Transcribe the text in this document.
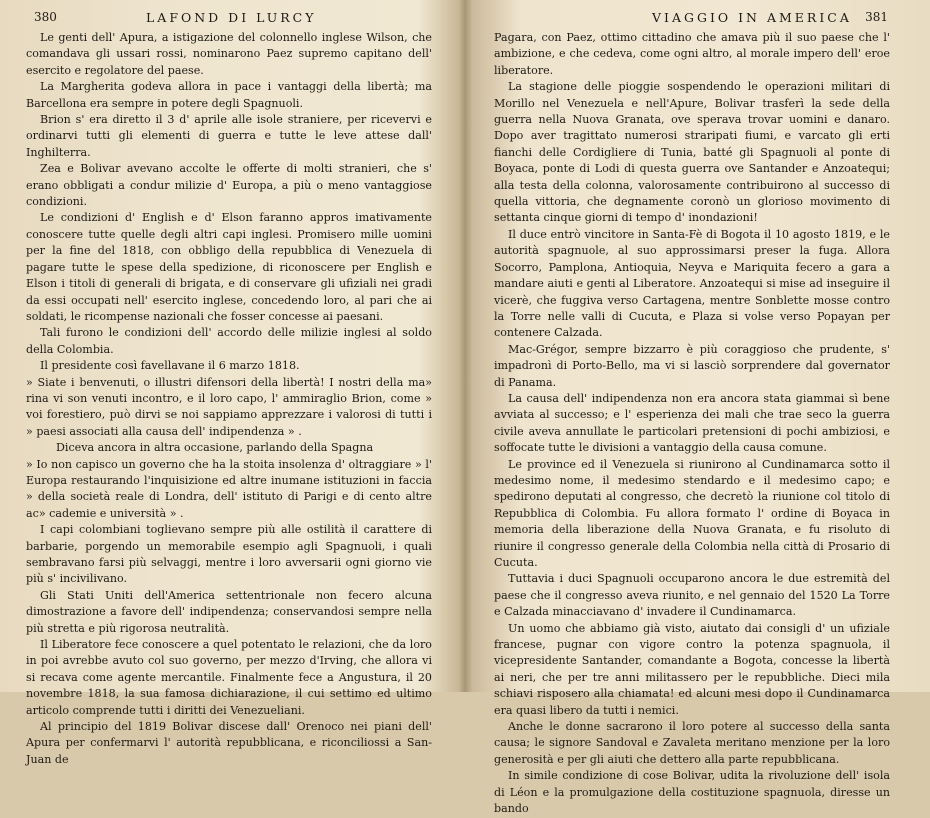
380	LAFOND DI LURCY

Le genti dell' Apura, a istigazione del colonnello inglese Wilson, che comandava gli ussari rossi, nominarono Paez supremo capitano dell' esercito e regolatore del paese.

La Margherita godeva allora in pace i vantaggi della libertà; ma Barcellona era sempre in potere degli Spagnuoli.

Brion s' era diretto il 3 d' aprile alle isole straniere, per ricevervi e ordinarvi tutti gli elementi di guerra e tutte le leve attese dall' Inghilterra.

Zea e Bolivar avevano accolte le offerte di molti stranieri, che s' erano obbligati a condur milizie d' Europa, a più o meno vantaggiose condizioni.

Le condizioni d' English e d' Elson faranno appros imativamente conoscere tutte quelle degli altri capi inglesi. Promisero mille uomini per la fine del 1818, con obbligo della repubblica di Venezuela di pagare tutte le spese della spedizione, di riconoscere per English e Elson i titoli di generali di brigata, e di conservare gli ufiziali nei gradi da essi occupati nell' esercito inglese, concedendo loro, al pari che ai soldati, le ricompense nazionali che fosser concesse ai paesani.

Tali furono le condizioni dell' accordo delle milizie inglesi al soldo della Colombia.

Il presidente così favellavane il 6 marzo 1818.

» Siate i benvenuti, o illustri difensori della libertà! I nostri della ma» rina vi son venuti incontro, e il loro capo, l' ammiraglio Brion, come » voi forestiero, può dirvi se noi sappiamo apprezzare i valorosi di tutti i » paesi associati alla causa dell' indipendenza » .

Diceva ancora in altra occasione, parlando della Spagna

» Io non capisco un governo che ha la stoita insolenza d' oltraggiare » l' Europa restaurando l'inquisizione ed altre inumane istituzioni in faccia » della società reale di Londra, dell' istituto di Parigi e di cento altre ac» cademie e università » .

I capi colombiani toglievano sempre più alle ostilità il carattere di barbarie, porgendo un memorabile esempio agli Spagnuoli, i quali sembravano farsi più selvaggi, mentre i loro avversarii ogni giorno vie più s' incivilivano.

Gli Stati Uniti dell'America settentrionale non fecero alcuna dimostrazione a favore dell' indipendenza; conservandosi sempre nella più stretta e più rigorosa neutralità.

Il Liberatore fece conoscere a quel potentato le relazioni, che da loro in poi avrebbe avuto col suo governo, per mezzo d'Irving, che allora vi si recava come agente mercantile. Finalmente fece a Angustura, il 20 novembre 1818, la sua famosa dichiarazione, il cui settimo ed ultimo articolo comprende tutti i diritti dei Venezueliani.

Al principio del 1819 Bolivar discese dall' Orenoco nei piani dell' Apura per confermarvi l' autorità repubblicana, e riconciliossi a San-Juan de

VIAGGIO IN AMERICA 381

Pagara, con Paez, ottimo cittadino che amava più il suo paese che l' ambizione, e che cedeva, come ogni altro, al morale impero dell' eroe liberatore.

La stagione delle pioggie sospendendo le operazioni militari di Morillo nel Venezuela e nell'Apure, Bolivar trasferì la sede della guerra nella Nuova Granata, ove sperava trovar uomini e danaro. Dopo aver tragittato numerosi straripati fiumi, e varcato gli erti fianchi delle Cordigliere di Tunia, batté gli Spagnuoli al ponte di Boyaca, ponte di Lodi di questa guerra ove Santander e Anzoatequi; alla testa della colonna, valorosamente contribuirono al successo di quella vittoria, che degnamente coronò un glorioso movimento di settanta cinque giorni di tempo d' inondazioni!

Il duce entrò vincitore in Santa-Fè di Bogota il 10 agosto 1819, e le autorità spagnuole, al suo approssimarsi preser la fuga. Allora Socorro, Pamplona, Antioquia, Neyva e Mariquita fecero a gara a mandare aiuti e genti al Liberatore. Anzoatequi si mise ad inseguire il vicerè, che fuggiva verso Cartagena, mentre Sonblette mosse contro la Torre nelle valli di Cucuta, e Plaza si volse verso Popayan per contenere Calzada.

Mac-Grégor, sempre bizzarro è più coraggioso che prudente, s' impadronì di Porto-Bello, ma vi si lasciò sorprendere dal governator di Panama.

La causa dell' indipendenza non era ancora stata giammai sì bene avviata al successo; e l' esperienza dei mali che trae seco la guerra civile aveva annullate le particolari pretensioni di pochi ambiziosi, e soffocate tutte le divisioni a vantaggio della causa comune.

Le province ed il Venezuela si riunirono al Cundinamarca sotto il medesimo nome, il medesimo stendardo e il medesimo capo; e spedirono deputati al congresso, che decretò la riunione col titolo di Repubblica di Colombia. Fu allora formato l' ordine di Boyaca in memoria della liberazione della Nuova Granata, e fu risoluto di riunire il congresso generale della Colombia nella città di Prosario di Cucuta.

Tuttavia i duci Spagnuoli occuparono ancora le due estremità del paese che il congresso aveva riunito, e nel gennaio del 1520 La Torre e Calzada minacciavano d' invadere il Cundinamarca.

Un uomo che abbiamo già visto, aiutato dai consigli d' un ufiziale francese, pugnar con vigore contro la potenza spagnuola, il vicepresidente Santander, comandante a Bogota, concesse la libertà ai neri, che per tre anni militassero per le repubbliche. Dieci mila schiavi risposero alla chiamata! ed alcuni mesi dopo il Cundinamarca era quasi libero da tutti i nemici.

Anche le donne sacrarono il loro potere al successo della santa causa; le signore Sandoval e Zavaleta meritano menzione per la loro generosità e per gli aiuti che dettero alla parte repubblicana.

In simile condizione di cose Bolivar, udita la rivoluzione dell' isola di Léon e la promulgazione della costituzione spagnuola, diresse un bando
